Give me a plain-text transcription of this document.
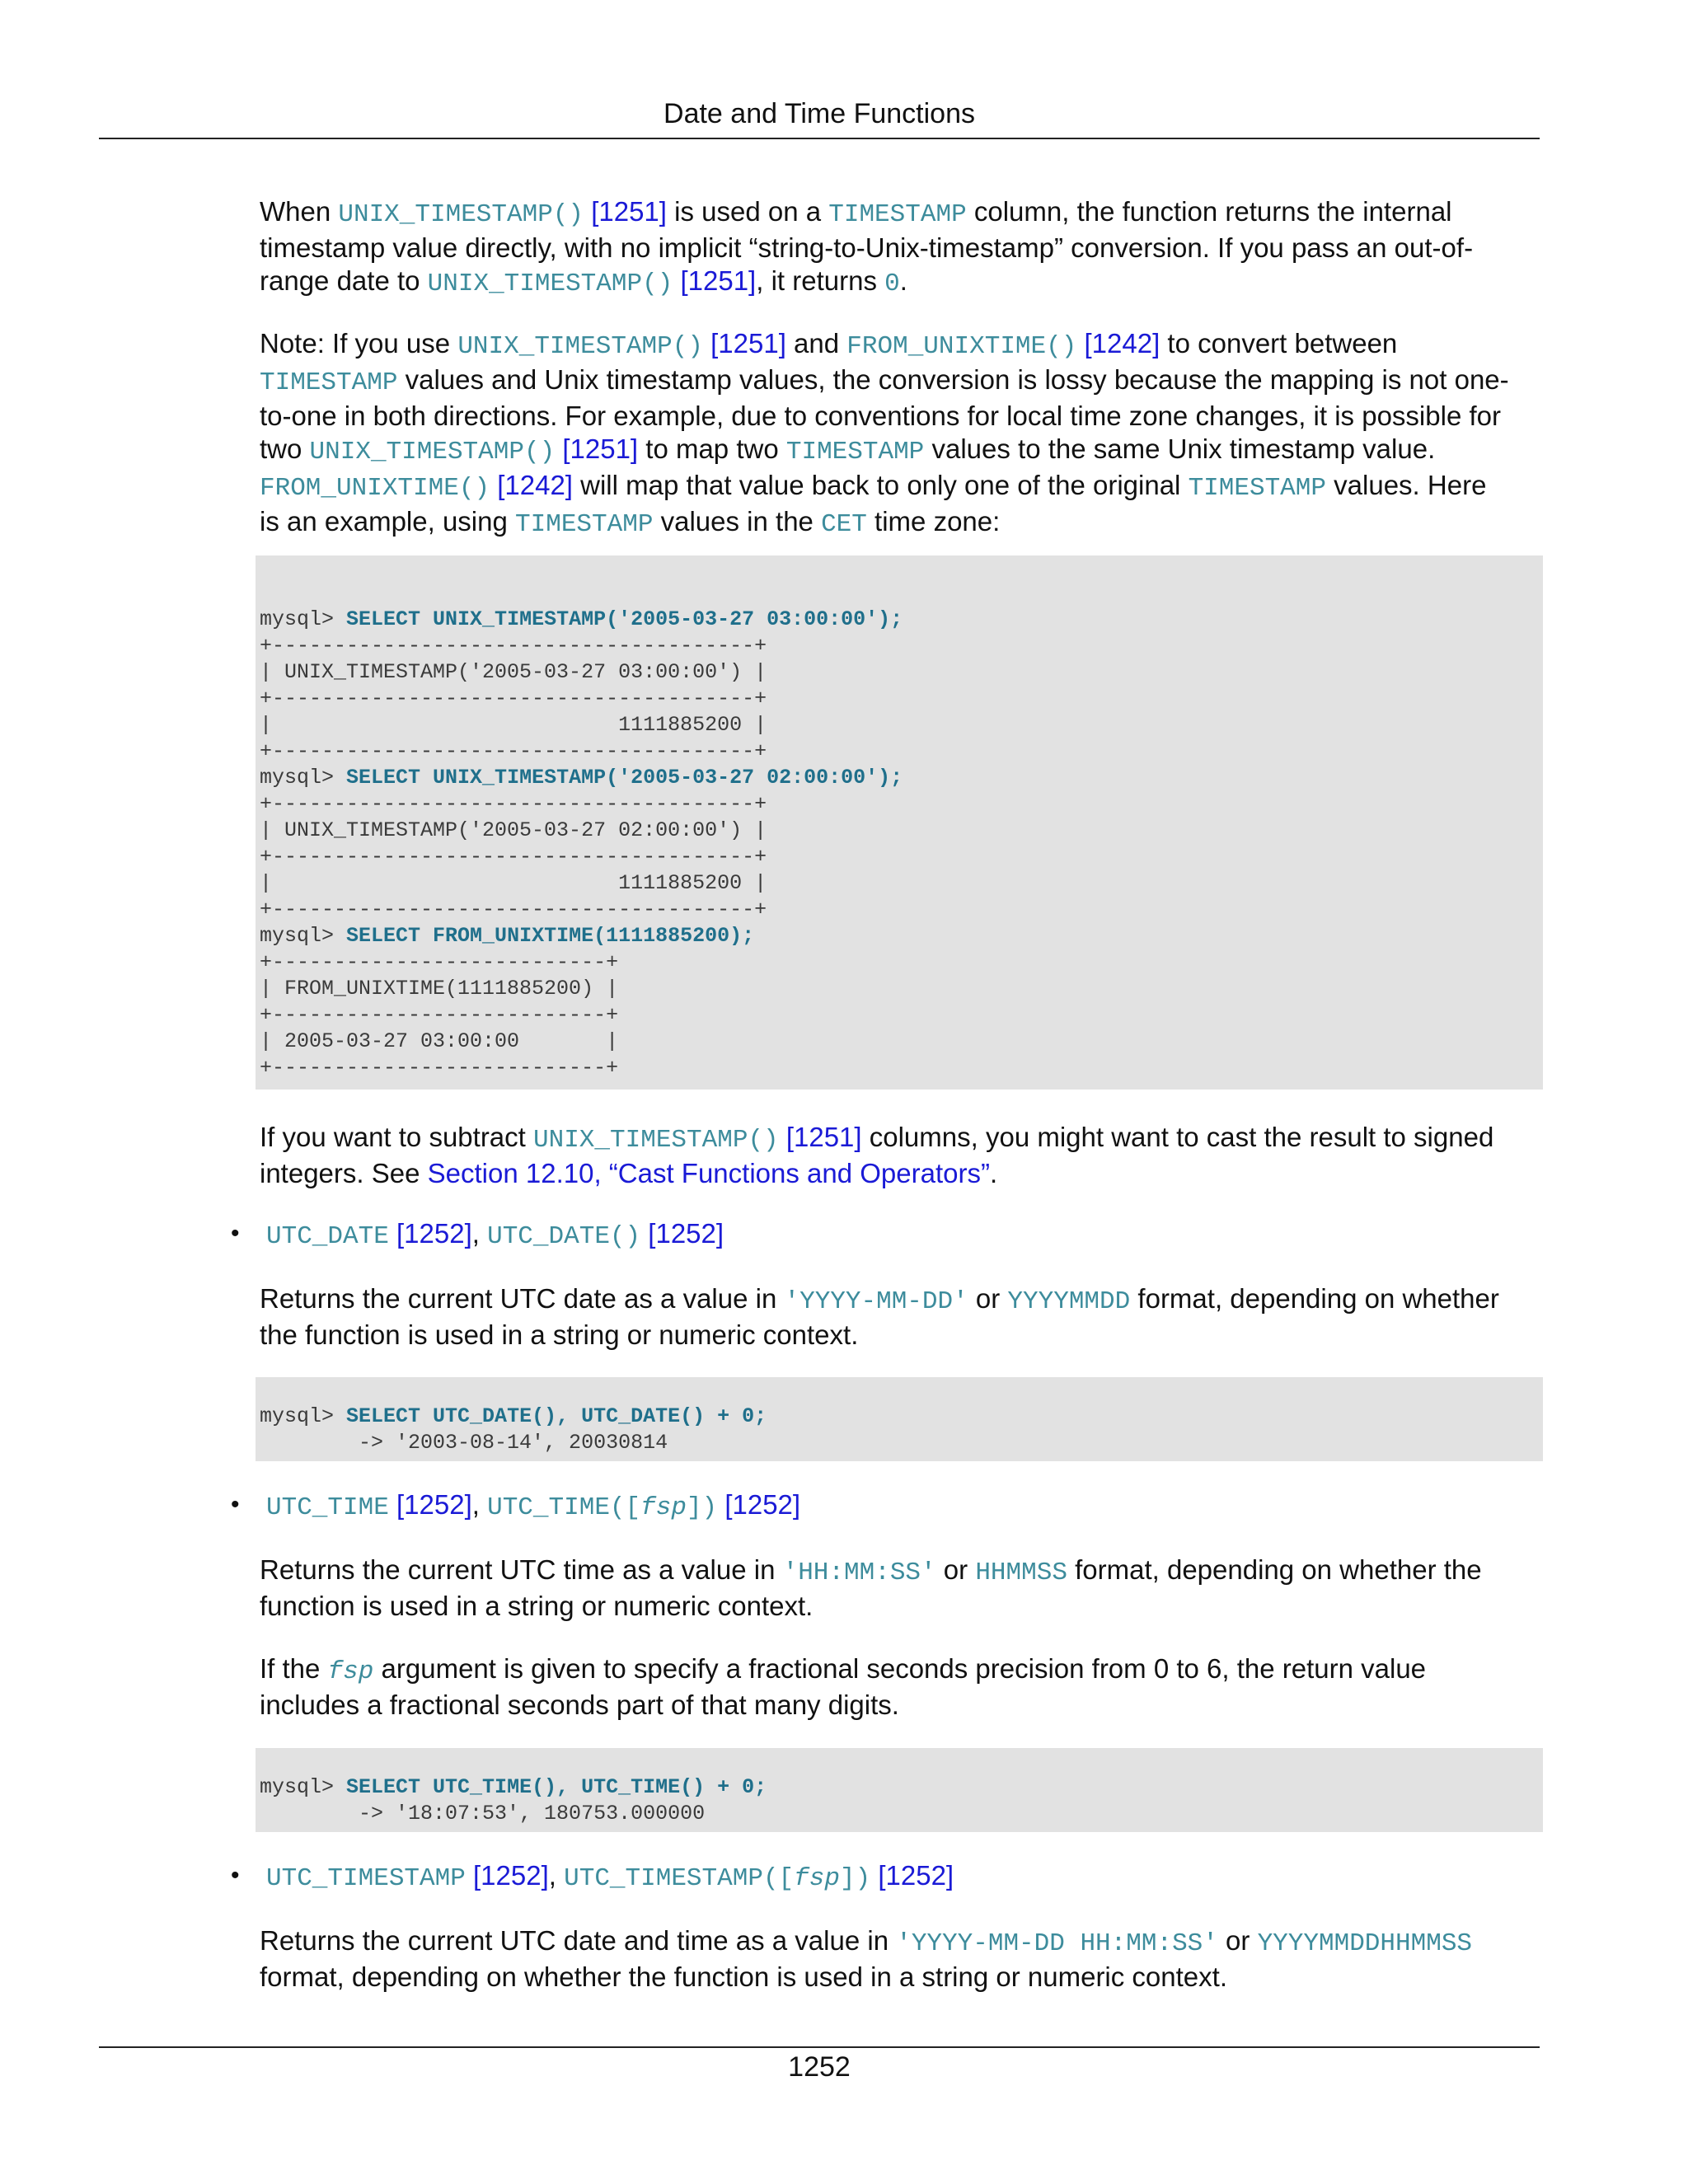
Date and Time Functions

When UNIX_TIMESTAMP() [1251] is used on a TIMESTAMP column, the function returns the internal
timestamp value directly, with no implicit “string-to-Unix-timestamp” conversion. If you pass an out-of-
range date to UNIX_TIMESTAMP() [1251], it returns 0.

Note: If you use UNIX_TIMESTAMP() [1251] and FROM_UNIXTIME() [1242] to convert between
TIMESTAMP values and Unix timestamp values, the conversion is lossy because the mapping is not one-
to-one in both directions. For example, due to conventions for local time zone changes, it is possible for
two UNIX_TIMESTAMP() [1251] to map two TIMESTAMP values to the same Unix timestamp value.
FROM_UNIXTIME() [1242] will map that value back to only one of the original TIMESTAMP values. Here
is an example, using TIMESTAMP values in the CET time zone:

mysql> SELECT UNIX_TIMESTAMP('2005-03-27 03:00:00');
+---------------------------------------+
| UNIX_TIMESTAMP('2005-03-27 03:00:00') |
+---------------------------------------+
|                            1111885200 |
+---------------------------------------+
mysql> SELECT UNIX_TIMESTAMP('2005-03-27 02:00:00');
+---------------------------------------+
| UNIX_TIMESTAMP('2005-03-27 02:00:00') |
+---------------------------------------+
|                            1111885200 |
+---------------------------------------+
mysql> SELECT FROM_UNIXTIME(1111885200);
+---------------------------+
| FROM_UNIXTIME(1111885200) |
+---------------------------+
| 2005-03-27 03:00:00       |
+---------------------------+

If you want to subtract UNIX_TIMESTAMP() [1251] columns, you might want to cast the result to signed
integers. See Section 12.10, “Cast Functions and Operators”.

• UTC_DATE [1252], UTC_DATE() [1252]

Returns the current UTC date as a value in 'YYYY-MM-DD' or YYYYMMDD format, depending on whether
the function is used in a string or numeric context.

mysql> SELECT UTC_DATE(), UTC_DATE() + 0;
-> '2003-08-14', 20030814
• UTC_TIME [1252], UTC_TIME([fsp]) [1252]

Returns the current UTC time as a value in 'HH:MM:SS' or HHMMSS format, depending on whether the
function is used in a string or numeric context.

If the fsp argument is given to specify a fractional seconds precision from 0 to 6, the return value
includes a fractional seconds part of that many digits.

mysql> SELECT UTC_TIME(), UTC_TIME() + 0;
-> '18:07:53', 180753.000000
• UTC_TIMESTAMP [1252], UTC_TIMESTAMP([fsp]) [1252]

Returns the current UTC date and time as a value in 'YYYY-MM-DD HH:MM:SS' or YYYYMMDDHHMMSS
format, depending on whether the function is used in a string or numeric context.

1252
